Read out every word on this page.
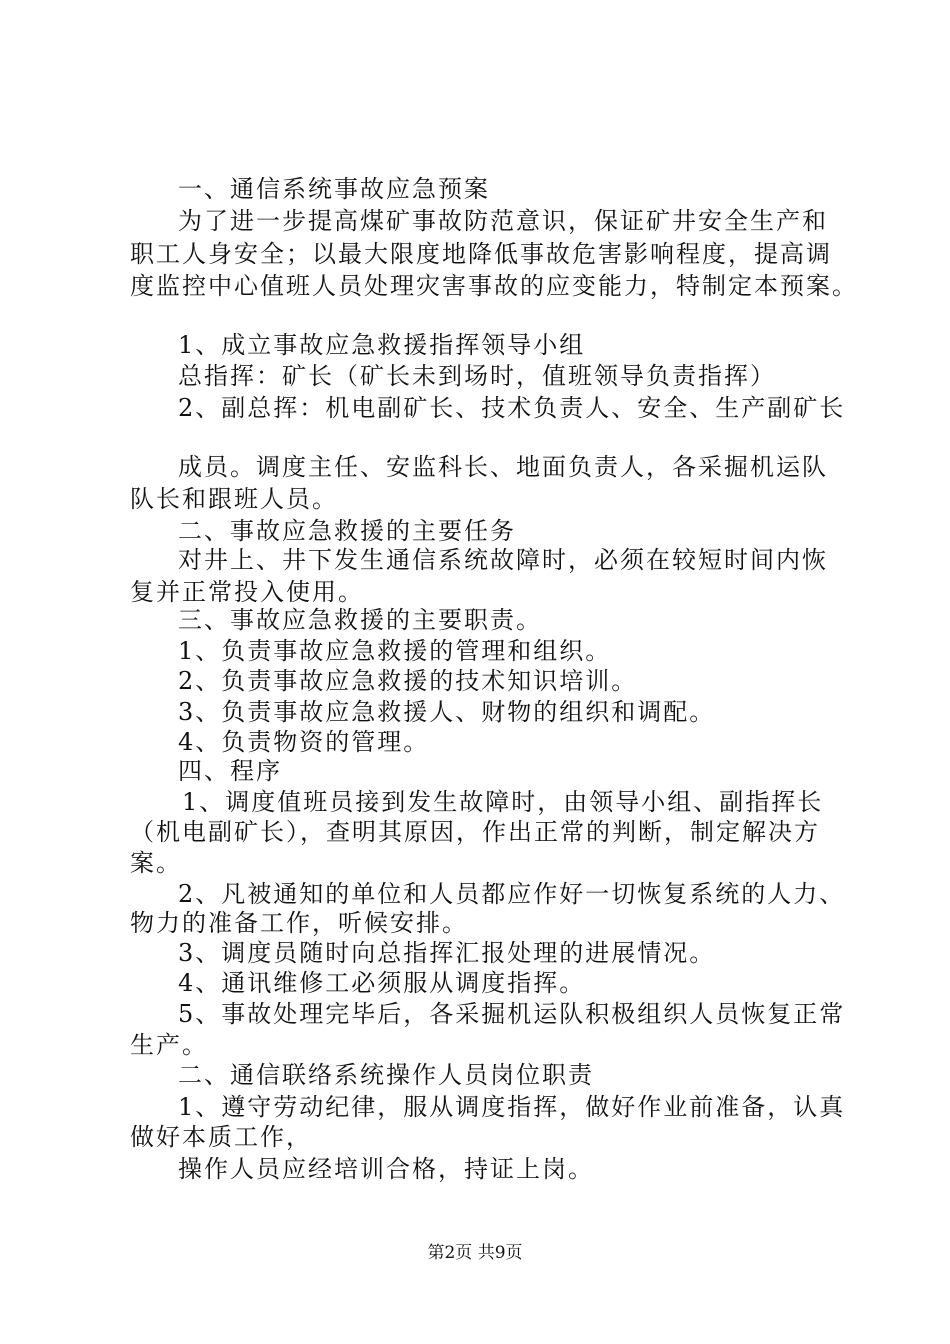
一、通信系统事故应急预案
为了进一步提高煤矿事故防范意识，保证矿井安全生产和
职工人身安全；以最大限度地降低事故危害影响程度，提高调
度监控中心值班人员处理灾害事故的应变能力，特制定本预案。
1、成立事故应急救援指挥领导小组
总指挥：矿长（矿长未到场时，值班领导负责指挥）
2、副总挥：机电副矿长、技术负责人、安全、生产副矿长
成员。调度主任、安监科长、地面负责人，各采掘机运队
队长和跟班人员。
二、事故应急救援的主要任务
对井上、井下发生通信系统故障时，必须在较短时间内恢
复并正常投入使用。
三、事故应急救援的主要职责。
1、负责事故应急救援的管理和组织。
2、负责事故应急救援的技术知识培训。
3、负责事故应急救援人、财物的组织和调配。
4、负责物资的管理。
四、程序
1、调度值班员接到发生故障时，由领导小组、副指挥长
（机电副矿长），查明其原因，作出正常的判断，制定解决方
案。
2、凡被通知的单位和人员都应作好一切恢复系统的人力、
物力的准备工作，听候安排。
3、调度员随时向总指挥汇报处理的进展情况。
4、通讯维修工必须服从调度指挥。
5、事故处理完毕后，各采掘机运队积极组织人员恢复正常
生产。
二、通信联络系统操作人员岗位职责
1、遵守劳动纪律，服从调度指挥，做好作业前准备，认真
做好本质工作，
操作人员应经培训合格，持证上岗。
第2页 共9页
